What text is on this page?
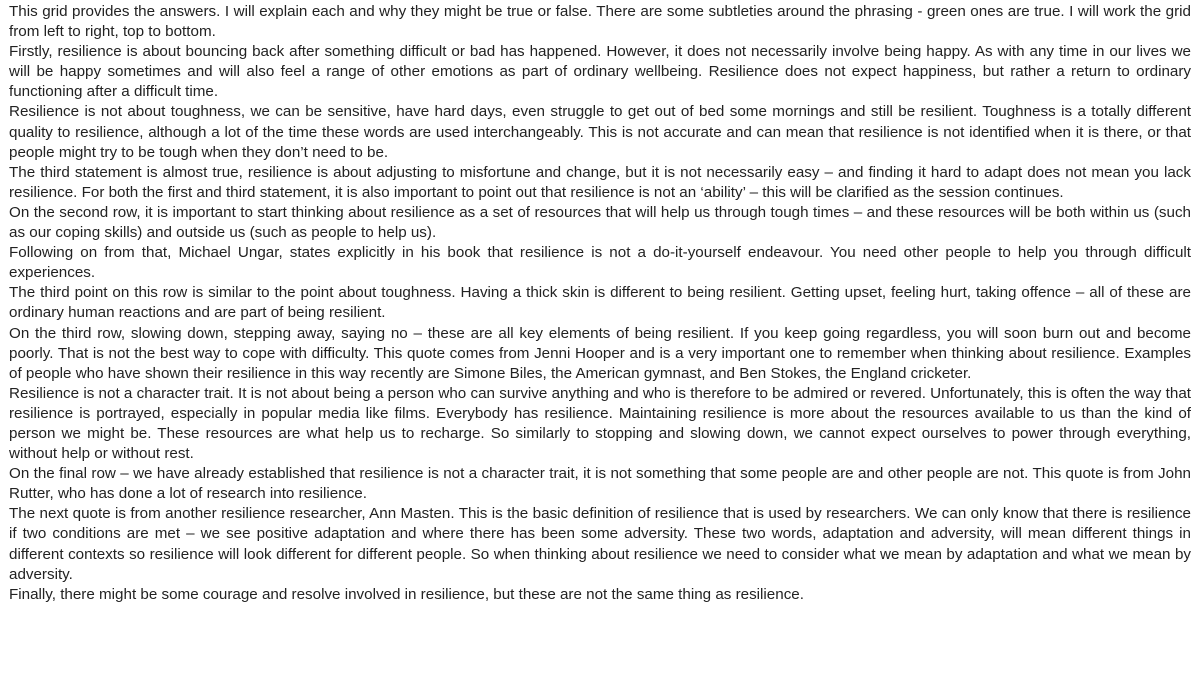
This grid provides the answers. I will explain each and why they might be true or false. There are some subtleties around the phrasing - green ones are true. I will work the grid from left to right, top to bottom.

Firstly, resilience is about bouncing back after something difficult or bad has happened. However, it does not necessarily involve being happy. As with any time in our lives we will be happy sometimes and will also feel a range of other emotions as part of ordinary wellbeing. Resilience does not expect happiness, but rather a return to ordinary functioning after a difficult time.

Resilience is not about toughness, we can be sensitive, have hard days, even struggle to get out of bed some mornings and still be resilient. Toughness is a totally different quality to resilience, although a lot of the time these words are used interchangeably. This is not accurate and can mean that resilience is not identified when it is there, or that people might try to be tough when they don’t need to be.

The third statement is almost true, resilience is about adjusting to misfortune and change, but it is not necessarily easy – and finding it hard to adapt does not mean you lack resilience. For both the first and third statement, it is also important to point out that resilience is not an ‘ability’ – this will be clarified as the session continues.

On the second row, it is important to start thinking about resilience as a set of resources that will help us through tough times – and these resources will be both within us (such as our coping skills) and outside us (such as people to help us).

Following on from that, Michael Ungar, states explicitly in his book that resilience is not a do-it-yourself endeavour. You need other people to help you through difficult experiences.

The third point on this row is similar to the point about toughness. Having a thick skin is different to being resilient. Getting upset, feeling hurt, taking offence – all of these are ordinary human reactions and are part of being resilient.

On the third row, slowing down, stepping away, saying no – these are all key elements of being resilient. If you keep going regardless, you will soon burn out and become poorly. That is not the best way to cope with difficulty. This quote comes from Jenni Hooper and is a very important one to remember when thinking about resilience. Examples of people who have shown their resilience in this way recently are Simone Biles, the American gymnast, and Ben Stokes, the England cricketer.

Resilience is not a character trait. It is not about being a person who can survive anything and who is therefore to be admired or revered. Unfortunately, this is often the way that resilience is portrayed, especially in popular media like films. Everybody has resilience. Maintaining resilience is more about the resources available to us than the kind of person we might be. These resources are what help us to recharge. So similarly to stopping and slowing down, we cannot expect ourselves to power through everything, without help or without rest.

On the final row – we have already established that resilience is not a character trait, it is not something that some people are and other people are not. This quote is from John Rutter, who has done a lot of research into resilience.

The next quote is from another resilience researcher, Ann Masten. This is the basic definition of resilience that is used by researchers. We can only know that there is resilience if two conditions are met – we see positive adaptation and where there has been some adversity. These two words, adaptation and adversity, will mean different things in different contexts so resilience will look different for different people. So when thinking about resilience we need to consider what we mean by adaptation and what we mean by adversity.

Finally, there might be some courage and resolve involved in resilience, but these are not the same thing as resilience.
